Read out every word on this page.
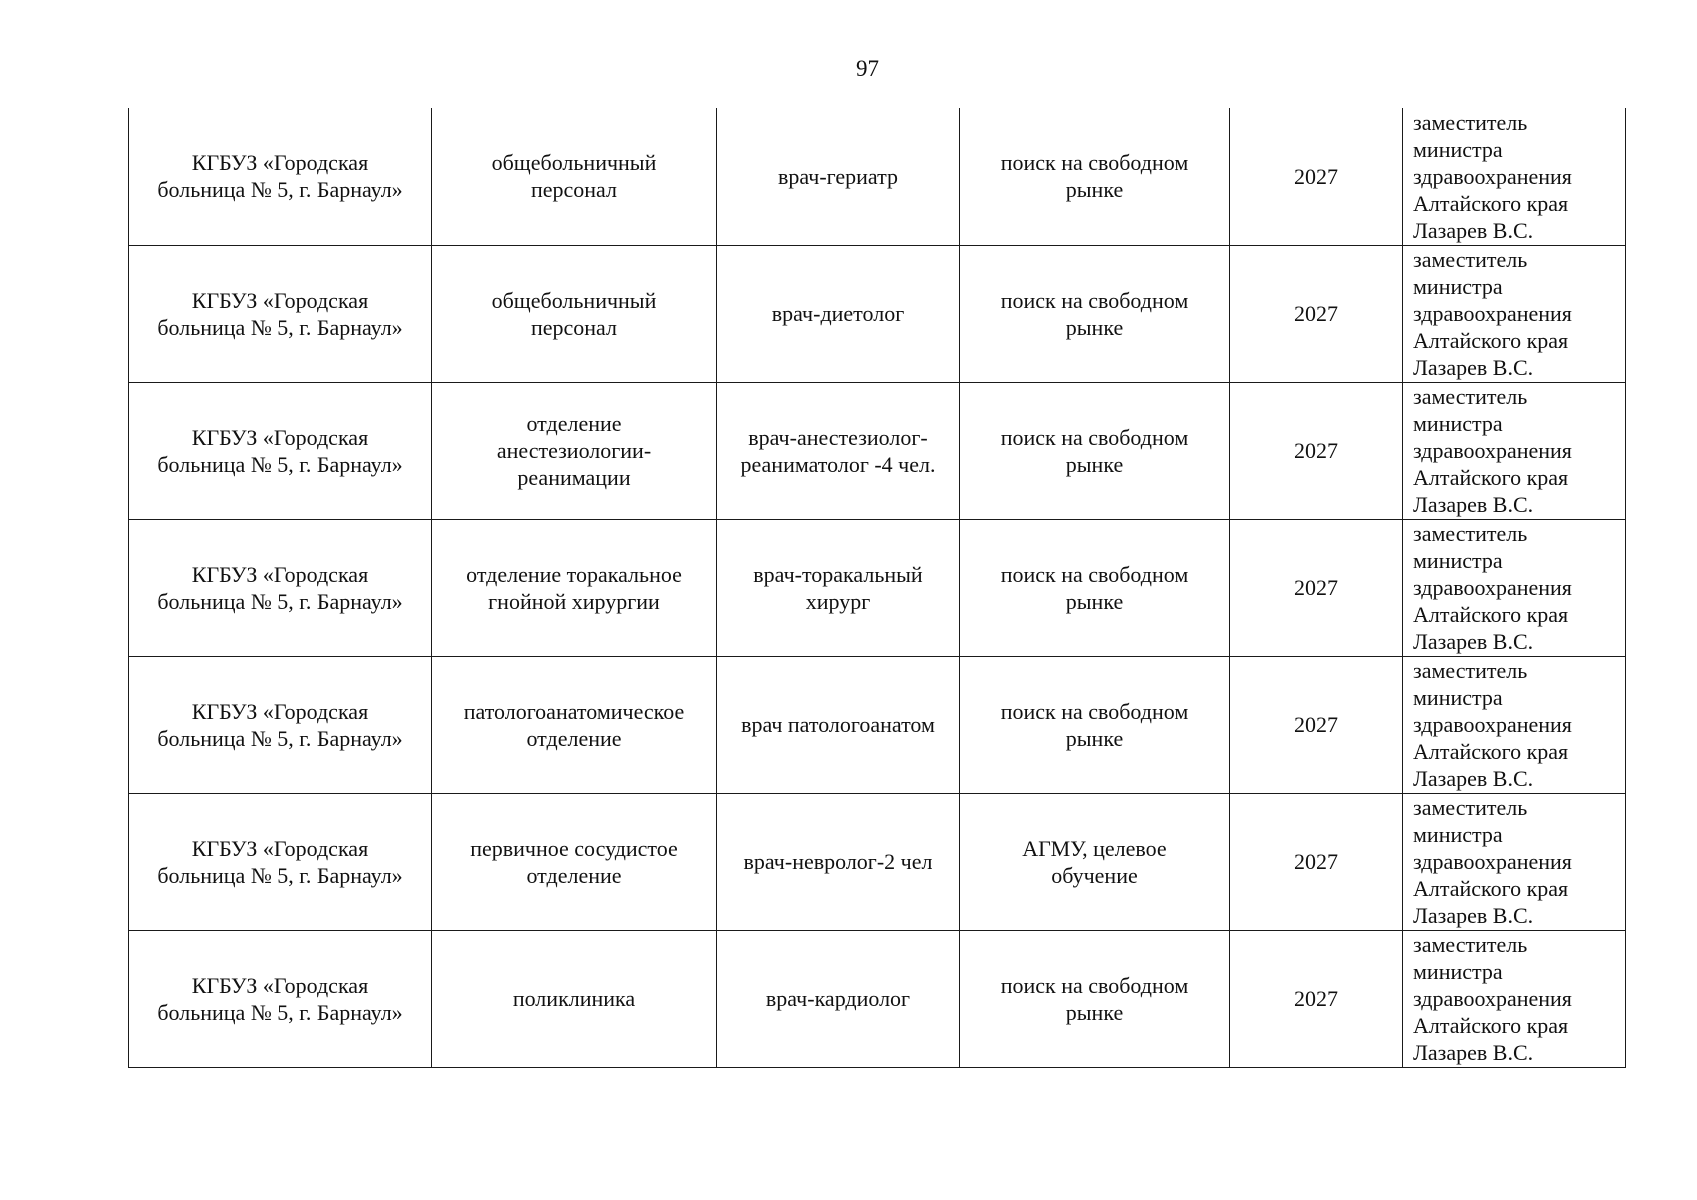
97
КГБУЗ «Городская
больница № 5, г. Барнаул»	общебольничный
персонал	врач-гериатр	поиск на свободном
рынке	2027	заместитель
министра
здравоохранения
Алтайского края
Лазарев В.С.

КГБУЗ «Городская
больница № 5, г. Барнаул»	общебольничный
персонал	врач-диетолог	поиск на свободном
рынке	2027	заместитель
министра
здравоохранения
Алтайского края
Лазарев В.С.

КГБУЗ «Городская
больница № 5, г. Барнаул»	отделение
анестезиологии-
реанимации	врач-анестезиолог-
реаниматолог -4 чел.	поиск на свободном
рынке	2027	заместитель
министра
здравоохранения
Алтайского края
Лазарев В.С.

КГБУЗ «Городская
больница № 5, г. Барнаул»	отделение торакальное
гнойной хирургии	врач-торакальный
хирург	поиск на свободном
рынке	2027	заместитель
министра
здравоохранения
Алтайского края
Лазарев В.С.

КГБУЗ «Городская
больница № 5, г. Барнаул»	патологоанатомическое
отделение	врач патологоанатом	поиск на свободном
рынке	2027	заместитель
министра
здравоохранения
Алтайского края
Лазарев В.С.

КГБУЗ «Городская
больница № 5, г. Барнаул»	первичное сосудистое
отделение	врач-невролог-2 чел	АГМУ, целевое
обучение	2027	заместитель
министра
здравоохранения
Алтайского края
Лазарев В.С.

КГБУЗ «Городская
больница № 5, г. Барнаул»	поликлиника	врач-кардиолог	поиск на свободном
рынке	2027	заместитель
министра
здравоохранения
Алтайского края
Лазарев В.С.
